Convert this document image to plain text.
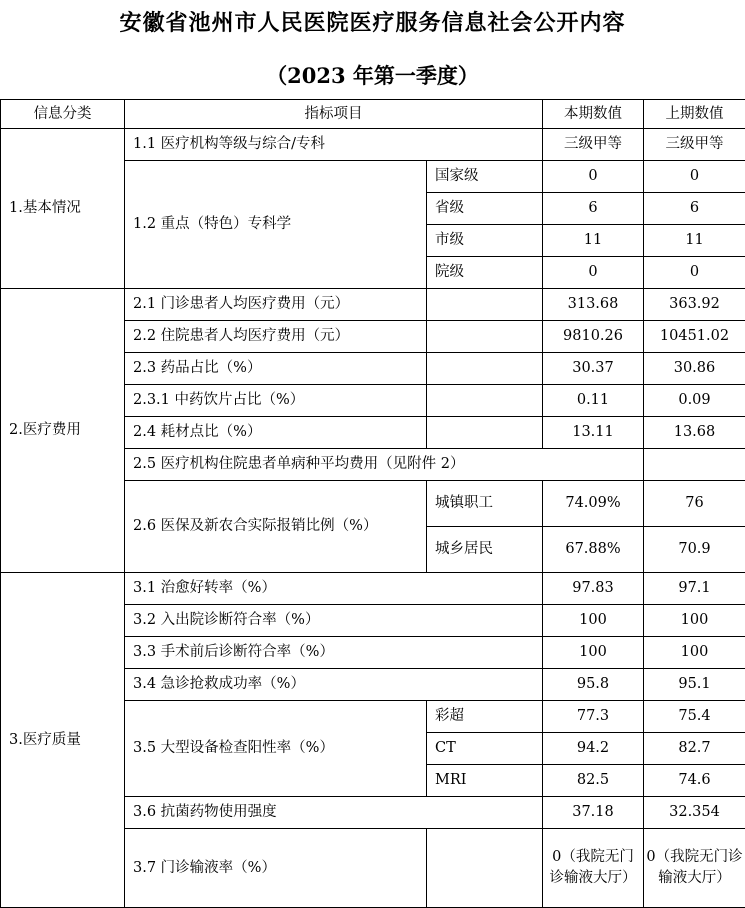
安徽省池州市人民医院医疗服务信息社会公开内容
（2023 年第一季度）
信息分类	指标项目		本期数值	上期数值
1.基本情况	1.1 医疗机构等级与综合/专科		三级甲等	三级甲等
	1.2 重点（特色）专科学	国家级	0	0
		省级	6	6
		市级	11	11
		院级	0	0
2.医疗费用	2.1 门诊患者人均医疗费用（元）		313.68	363.92
	2.2 住院患者人均医疗费用（元）		9810.26	10451.02
	2.3 药品占比（%）		30.37	30.86
	2.3.1 中药饮片占比（%）		0.11	0.09
	2.4 耗材点比（%）		13.11	13.68
	2.5 医疗机构住院患者单病种平均费用（见附件 2）			
	2.6 医保及新农合实际报销比例（%）	城镇职工	74.09%	76
		城乡居民	67.88%	70.9
3.医疗质量	3.1 治愈好转率（%）		97.83	97.1
	3.2 入出院诊断符合率（%）		100	100
	3.3 手术前后诊断符合率（%）		100	100
	3.4 急诊抢救成功率（%）		95.8	95.1
	3.5 大型设备检查阳性率（%）	彩超	77.3	75.4
		CT	94.2	82.7
		MRI	82.5	74.6
	3.6 抗菌药物使用强度		37.18	32.354
	3.7 门诊输液率（%）		0（我院无门诊输液大厅）	0（我院无门诊输液大厅）
